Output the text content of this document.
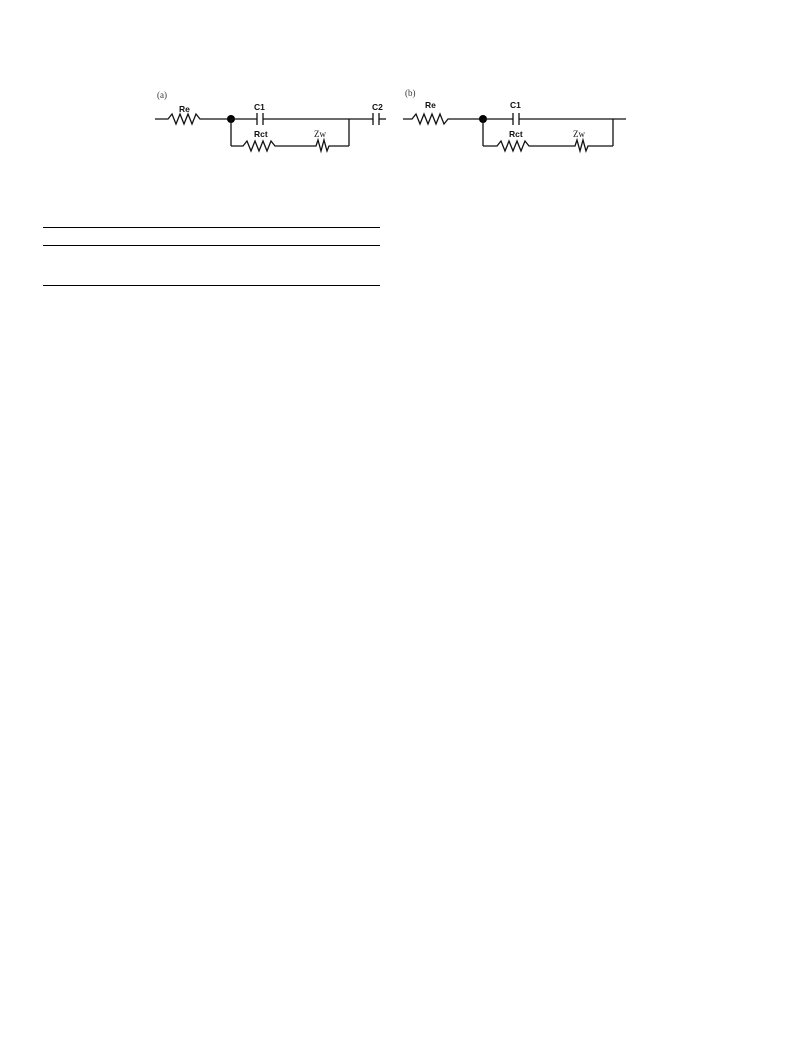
(a)
Re	C1
Rct	Zw
C2
(b)
Re	C1
Rct	Zw
